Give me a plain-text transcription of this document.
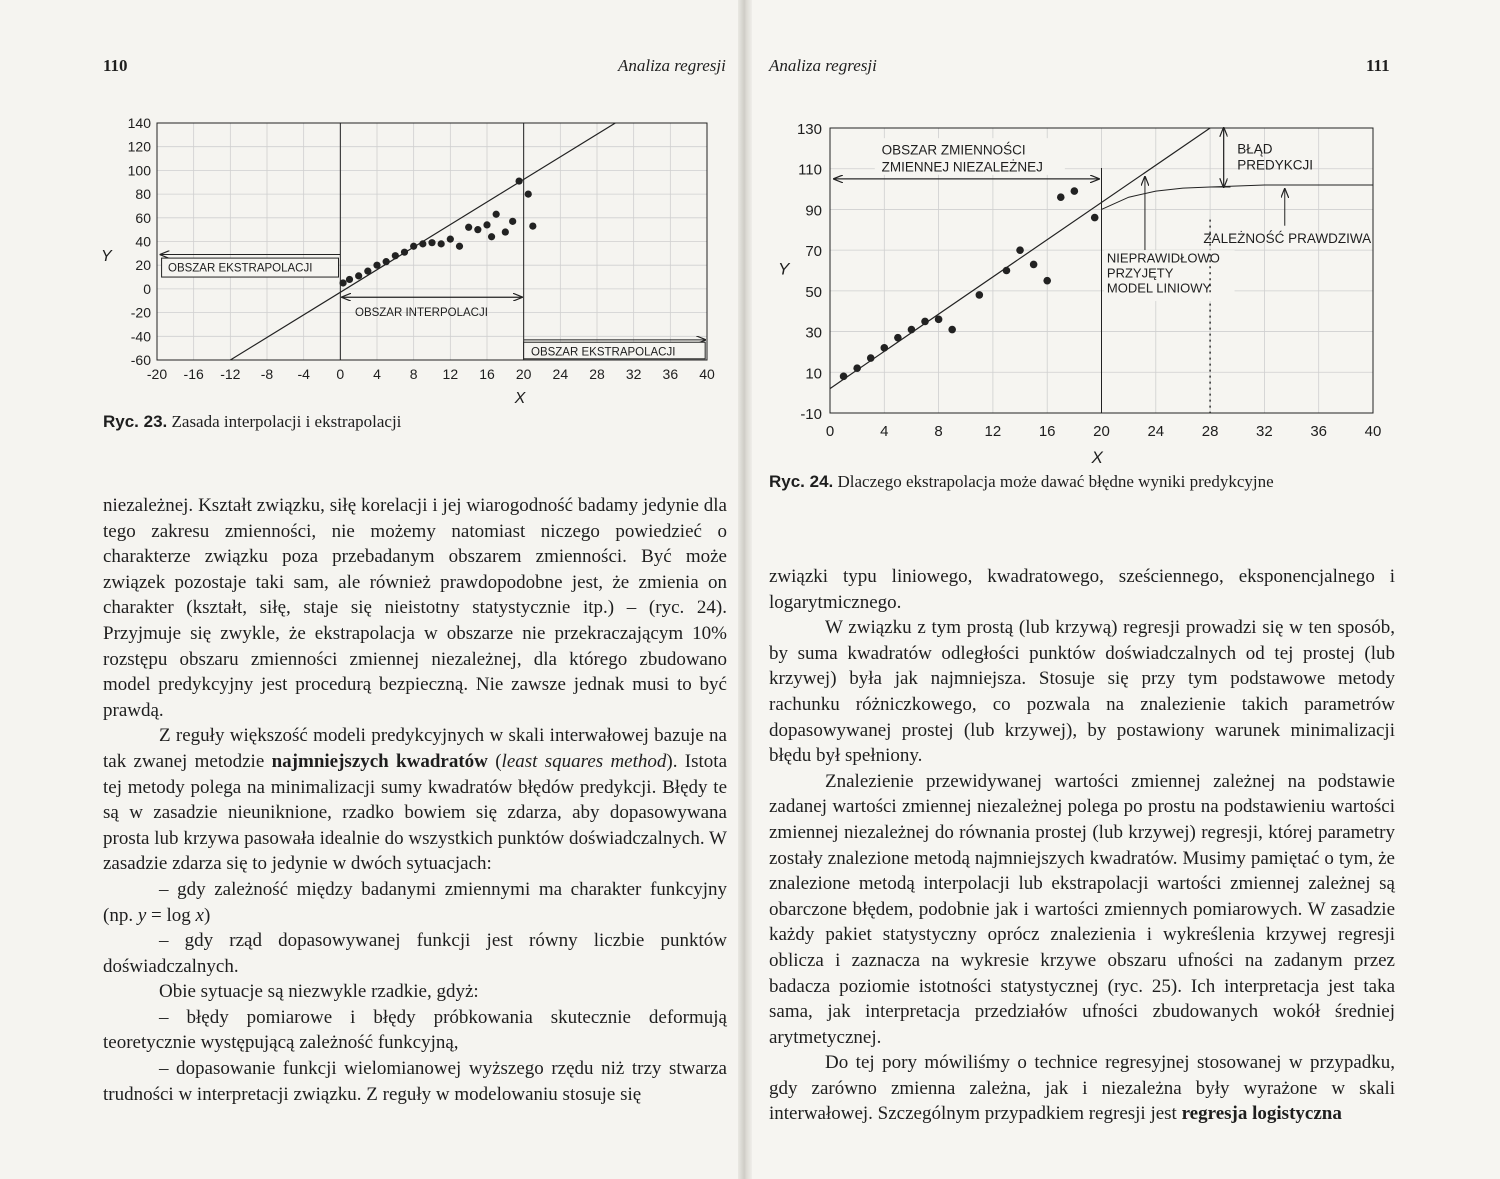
110	Analiza regresji
-20 -16 -12 -8 -4 0 4 8 12 16 20 24 28 32 36 40
140
120
100
80
60
40
20
0
-20
-40
-60
X
Y
OBSZAR EKSTRAPOLACJI
OBSZAR INTERPOLACJI
OBSZAR EKSTRAPOLACJI
Ryc. 23. Zasada interpolacji i ekstrapolacji

niezależnej. Kształt związku, siłę korelacji i jej wiarogodność badamy jedynie dla tego zakresu zmienności, nie możemy natomiast niczego powiedzieć o charakterze związku poza przebadanym obszarem zmienności. Być może związek pozostaje taki sam, ale również prawdopodobne jest, że zmienia on charakter (kształt, siłę, staje się nieistotny statystycznie itp.) – (ryc. 24). Przyjmuje się zwykle, że ekstrapolacja w obszarze nie przekraczającym 10% rozstępu obszaru zmienności zmiennej niezależnej, dla którego zbudowano model predykcyjny jest procedurą bezpieczną. Nie zawsze jednak musi to być prawdą.

Z reguły większość modeli predykcyjnych w skali interwałowej bazuje na tak zwanej metodzie najmniejszych kwadratów (least squares method). Istota tej metody polega na minimalizacji sumy kwadratów błędów predykcji. Błędy te są w zasadzie nieuniknione, rzadko bowiem się zdarza, aby dopasowywana prosta lub krzywa pasowała idealnie do wszystkich punktów doświadczalnych. W zasadzie zdarza się to jedynie w dwóch sytuacjach:

– gdy zależność między badanymi zmiennymi ma charakter funkcyjny (np. y = log x)

– gdy rząd dopasowywanej funkcji jest równy liczbie punktów doświadczalnych.

Obie sytuacje są niezwykle rzadkie, gdyż:

– błędy pomiarowe i błędy próbkowania skutecznie deformują teoretycznie występującą zależność funkcyjną,

– dopasowanie funkcji wielomianowej wyższego rzędu niż trzy stwarza trudności w interpretacji związku. Z reguły w modelowaniu stosuje się

Analiza regresji	111
0	4	8	12	16	20	24	28	32	36	40
130
110
90
70
50
30
10
-10
X
Y
OBSZAR ZMIENNOŚCI ZMIENNEJ NIEZALEŻNEJ
BŁĄD PREDYKCJI
ZALEŻNOŚĆ PRAWDZIWA
NIEPRAWIDŁOWO PRZYJĘTY MODEL LINIOWY
Ryc. 24. Dlaczego ekstrapolacja może dawać błędne wyniki predykcyjne

związki typu liniowego, kwadratowego, sześciennego, eksponencjalnego i logarytmicznego.

W związku z tym prostą (lub krzywą) regresji prowadzi się w ten sposób, by suma kwadratów odległości punktów doświadczalnych od tej prostej (lub krzywej) była jak najmniejsza. Stosuje się przy tym podstawowe metody rachunku różniczkowego, co pozwala na znalezienie takich parametrów dopasowywanej prostej (lub krzywej), by postawiony warunek minimalizacji błędu był spełniony.

Znalezienie przewidywanej wartości zmiennej zależnej na podstawie zadanej wartości zmiennej niezależnej polega po prostu na podstawieniu wartości zmiennej niezależnej do równania prostej (lub krzywej) regresji, której parametry zostały znalezione metodą najmniejszych kwadratów. Musimy pamiętać o tym, że znalezione metodą interpolacji lub ekstrapolacji wartości zmiennej zależnej są obarczone błędem, podobnie jak i wartości zmiennych pomiarowych. W zasadzie każdy pakiet statystyczny oprócz znalezienia i wykreślenia krzywej regresji oblicza i zaznacza na wykresie krzywe obszaru ufności na zadanym przez badacza poziomie istotności statystycznej (ryc. 25). Ich interpretacja jest taka sama, jak interpretacja przedziałów ufności zbudowanych wokół średniej arytmetycznej.

Do tej pory mówiliśmy o technice regresyjnej stosowanej w przypadku, gdy zarówno zmienna zależna, jak i niezależna były wyrażone w skali interwałowej. Szczególnym przypadkiem regresji jest regresja logistyczna
